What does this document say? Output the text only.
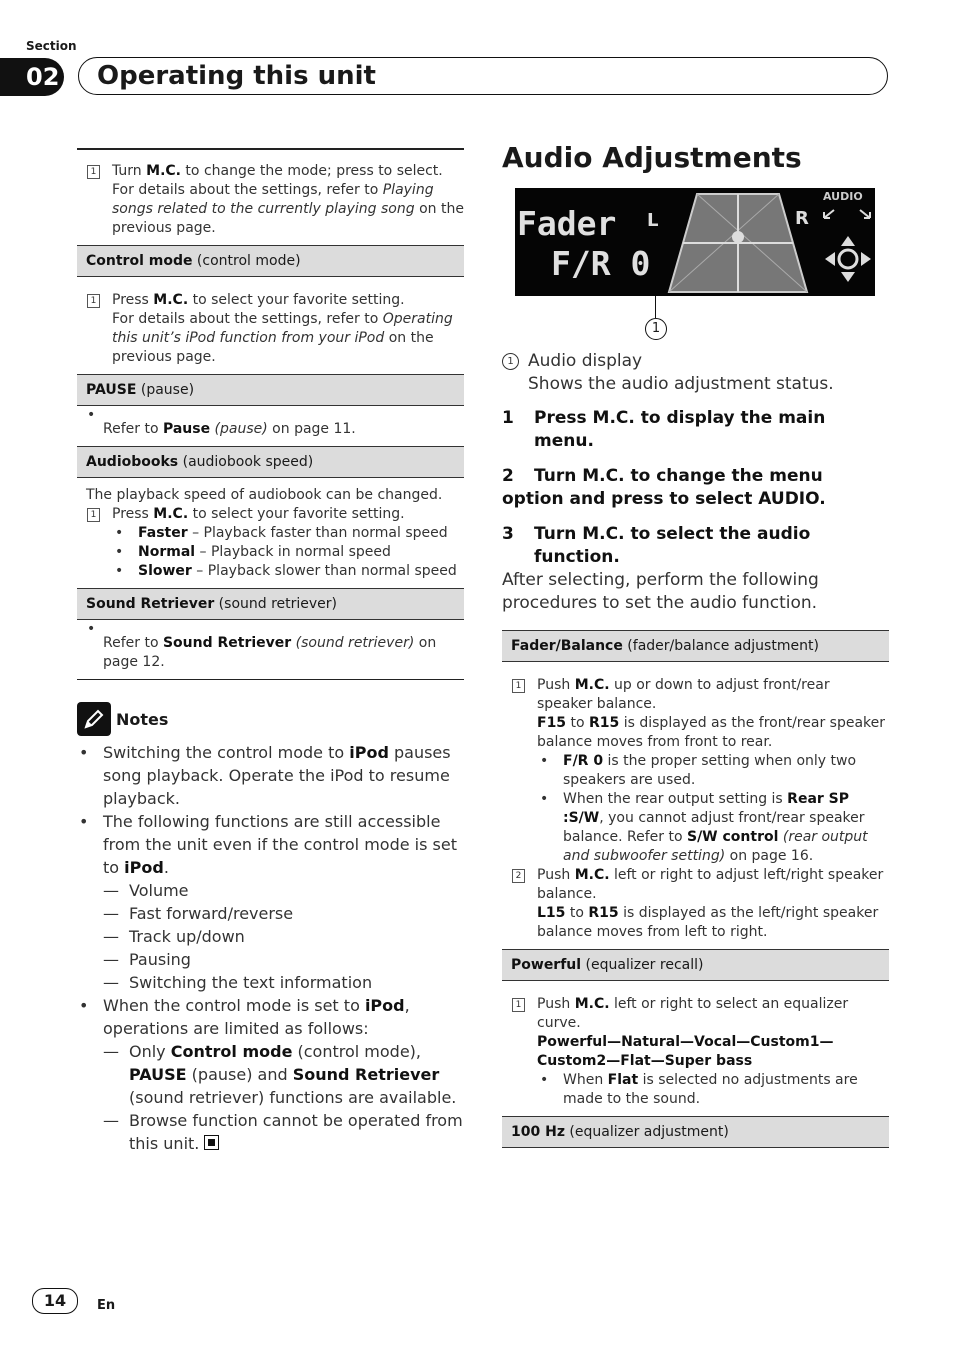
Section
02 Operating this unit
1 Turn M.C. to change the mode; press to select.
For details about the settings, refer to Playing songs related to the currently playing song on the previous page.
Control mode (control mode)
1 Press M.C. to select your favorite setting.
For details about the settings, refer to Operating this unit’s iPod function from your iPod on the previous page.
PAUSE (pause)
• Refer to Pause (pause) on page 11.
Audiobooks (audiobook speed)
The playback speed of audiobook can be changed.
1 Press M.C. to select your favorite setting.
• Faster – Playback faster than normal speed
• Normal – Playback in normal speed
• Slower – Playback slower than normal speed
Sound Retriever (sound retriever)
• Refer to Sound Retriever (sound retriever) on page 12.
Notes
• Switching the control mode to iPod pauses song playback. Operate the iPod to resume playback.
• The following functions are still accessible from the unit even if the control mode is set to iPod.
— Volume
— Fast forward/reverse
— Track up/down
— Pausing
— Switching the text information
• When the control mode is set to iPod, operations are limited as follows:
— Only Control mode (control mode), PAUSE (pause) and Sound Retriever (sound retriever) functions are available.
— Browse function cannot be operated from this unit.
Audio Adjustments
Fader
F/R 0
L	R
AUDIO
1
1 Audio display
Shows the audio adjustment status.
1 Press M.C. to display the main menu.
2 Turn M.C. to change the menu option and press to select AUDIO.
3 Turn M.C. to select the audio function.
After selecting, perform the following procedures to set the audio function.
Fader/Balance (fader/balance adjustment)
1 Push M.C. up or down to adjust front/rear speaker balance.
F15 to R15 is displayed as the front/rear speaker balance moves from front to rear.
• F/R 0 is the proper setting when only two speakers are used.
• When the rear output setting is Rear SP :S/W, you cannot adjust front/rear speaker balance. Refer to S/W control (rear output and subwoofer setting) on page 16.
2 Push M.C. left or right to adjust left/right speaker balance.
L15 to R15 is displayed as the left/right speaker balance moves from left to right.
Powerful (equalizer recall)
1 Push M.C. left or right to select an equalizer curve.
Powerful—Natural—Vocal—Custom1—Custom2—Flat—Super bass
• When Flat is selected no adjustments are made to the sound.
100 Hz (equalizer adjustment)
14	En
